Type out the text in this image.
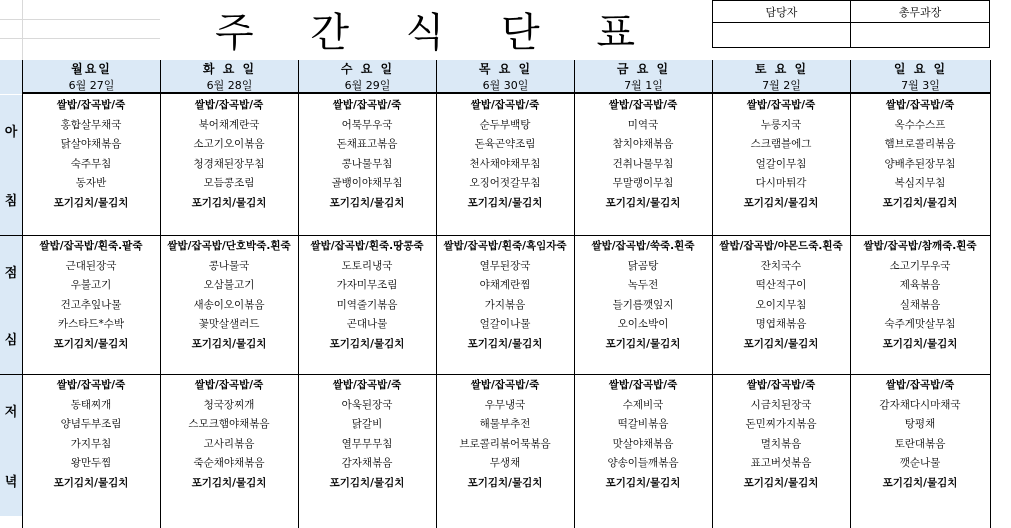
주 간 식 단 표	담당자	총무과장
월요일
6월 27일
화 요 일
6월 28일
수 요 일
6월 29일
목 요 일
6월 30일
금 요 일
7월 1일
토 요 일
7월 2일
일 요 일
7월 3일
아
침
쌀밥/잡곡밥/죽
홍합살무채국
닭살야채볶음
숙주무침
동자반
포기김치/물김치
쌀밥/잡곡밥/죽
북어채계란국
소고기오이볶음
청경채된장무침
모듬콩조림
포기김치/물김치
쌀밥/잡곡밥/죽
어묵무우국
돈채표고볶음
콩나물무침
골뱅이야채무침
포기김치/물김치
쌀밥/잡곡밥/죽
순두부백탕
돈육곤약조림
천사채야채무침
오징어젓갈무침
포기김치/물김치
쌀밥/잡곡밥/죽
미역국
참치야채볶음
건취나물무침
무말랭이무침
포기김치/물김치
쌀밥/잡곡밥/죽
누룽지국
스크램블에그
얼갈이무침
다시마튀각
포기김치/물김치
쌀밥/잡곡밥/죽
옥수수스프
햄브로콜리볶음
양배추된장무침
복심지무침
포기김치/물김치
점
심
쌀밥/잡곡밥/흰죽.팥죽
근대된장국
우불고기
건고추잎나물
카스타드*수박
포기김치/물김치
쌀밥/잡곡밥/단호박죽.흰죽
콩나물국
오삼불고기
새송이오이볶음
꽃맛살샐러드
포기김치/물김치
쌀밥/잡곡밥/흰죽.땅콩죽
도토리냉국
가자미무조림
미역줄기볶음
곤대나물
포기김치/물김치
쌀밥/잡곡밥/흰죽/흑임자죽
열무된장국
야채계란찜
가지볶음
얼갈이나물
포기김치/물김치
쌀밥/잡곡밥/쑥죽.흰죽
닭곰탕
녹두전
들기름깻잎지
오이소박이
포기김치/물김치
쌀밥/잡곡밥/야몬드죽.흰죽
잔치국수
떡산적구이
오이지무침
명엽채볶음
포기김치/물김치
쌀밥/잡곡밥/참깨죽.흰죽
소고기무우국
제육볶음
실채볶음
숙주게맛살무침
포기김치/물김치
저
녁
쌀밥/잡곡밥/죽
동태찌개
양념두부조림
가지무침
왕만두찜
포기김치/물김치
쌀밥/잡곡밥/죽
청국장찌개
스모크햄야채볶음
고사리볶음
죽순채야채볶음
포기김치/물김치
쌀밥/잡곡밥/죽
아욱된장국
닭갈비
열무무무침
감자채볶음
포기김치/물김치
쌀밥/잡곡밥/죽
우무냉국
해물부추전
브로콜리볶어묵볶음
무생채
포기김치/물김치
쌀밥/잡곡밥/죽
수제비국
떡갈비볶음
맛살야채볶음
양송이들깨볶음
포기김치/물김치
쌀밥/잡곡밥/죽
시금치된장국
돈민찌가지볶음
멸치볶음
표고버섯볶음
포기김치/물김치
쌀밥/잡곡밥/죽
감자채다시마채국
탕평채
토란대볶음
깻순나물
포기김치/물김치
